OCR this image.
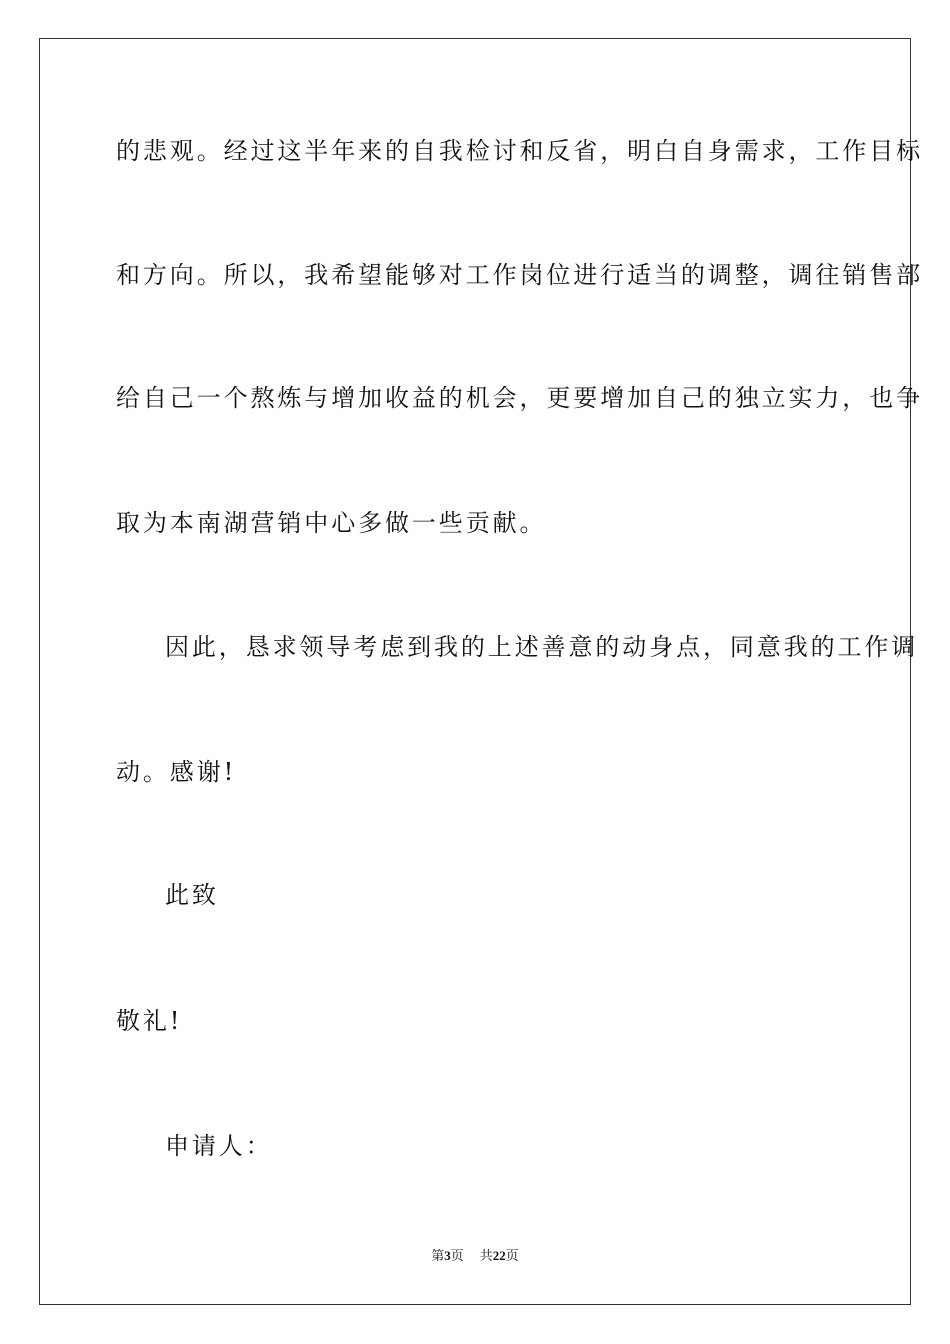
的悲观。经过这半年来的自我检讨和反省，明白自身需求，工作目标
和方向。所以，我希望能够对工作岗位进行适当的调整，调往销售部
给自己一个熬炼与增加收益的机会，更要增加自己的独立实力，也争
取为本南湖营销中心多做一些贡献。
因此，恳求领导考虑到我的上述善意的动身点，同意我的工作调
动。感谢!
此致
敬礼!
申请人：
第3页 共22页
